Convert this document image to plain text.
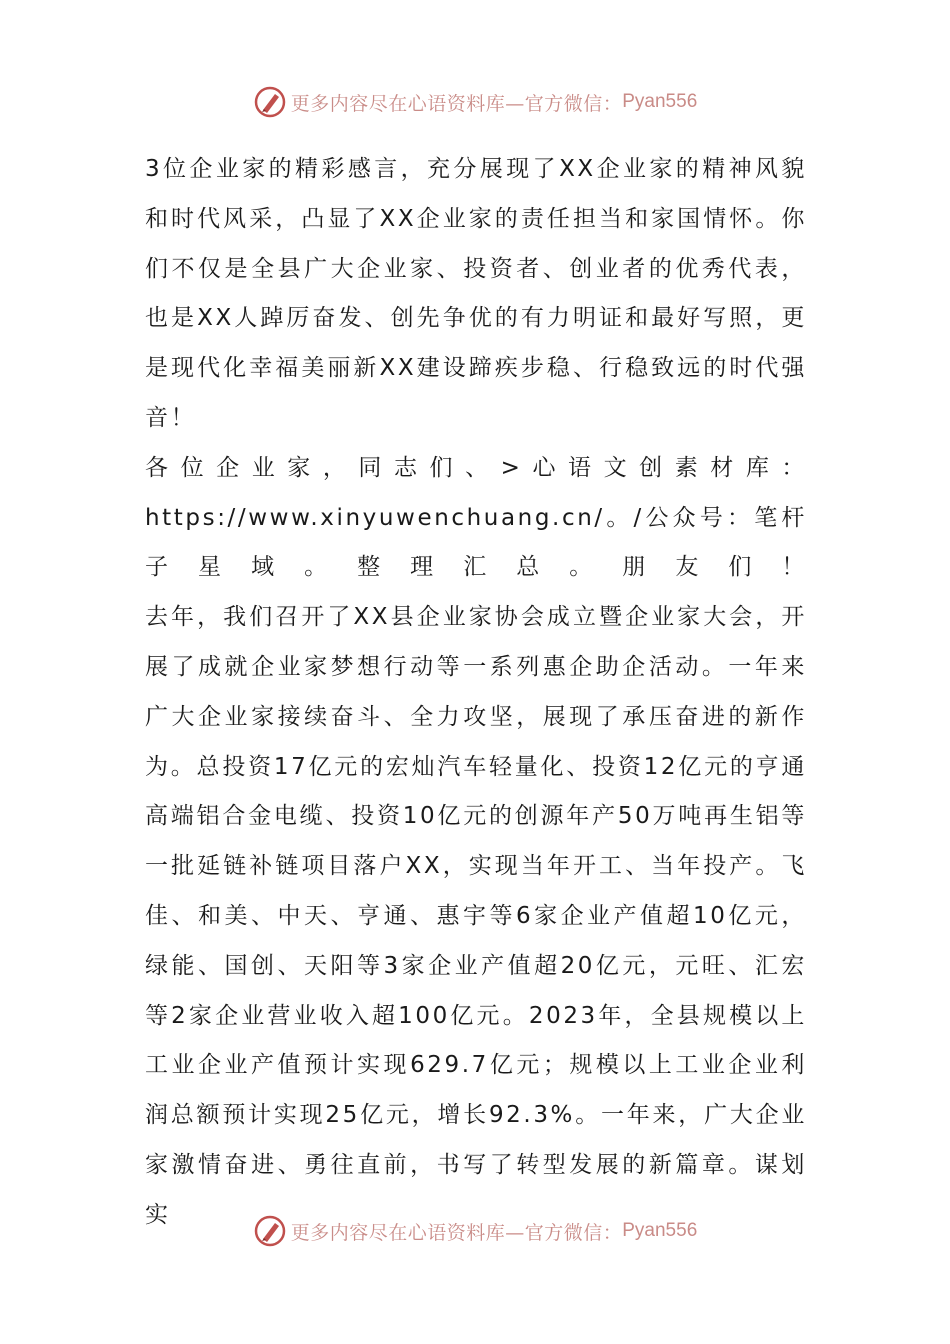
更多内容尽在心语资料库—官方微信： Pyan556

3位企业家的精彩感言，充分展现了XX企业家的精神风貌和时代风采，凸显了XX企业家的责任担当和家国情怀。你们不仅是全县广大企业家、投资者、创业者的优秀代表，也是XX人踔厉奋发、创先争优的有力明证和最好写照，更是现代化幸福美丽新XX建设蹄疾步稳、行稳致远的时代强音！

各位企业家，同志们、>心语文创素材库：https://www.xinyuwenchuang.cn/。/公众号：笔杆子星域。整理汇总。朋友们！

去年，我们召开了XX县企业家协会成立暨企业家大会，开展了成就企业家梦想行动等一系列惠企助企活动。一年来广大企业家接续奋斗、全力攻坚，展现了承压奋进的新作为。总投资17亿元的宏灿汽车轻量化、投资12亿元的亨通高端铝合金电缆、投资10亿元的创源年产50万吨再生铝等一批延链补链项目落户XX，实现当年开工、当年投产。飞佳、和美、中天、亨通、惠宇等6家企业产值超10亿元，绿能、国创、天阳等3家企业产值超20亿元，元旺、汇宏等2家企业营业收入超100亿元。2023年，全县规模以上工业企业产值预计实现629.7亿元；规模以上工业企业利润总额预计实现25亿元，增长92.3%。一年来，广大企业家激情奋进、勇往直前，书写了转型发展的新篇章。谋划实

更多内容尽在心语资料库—官方微信： Pyan556
